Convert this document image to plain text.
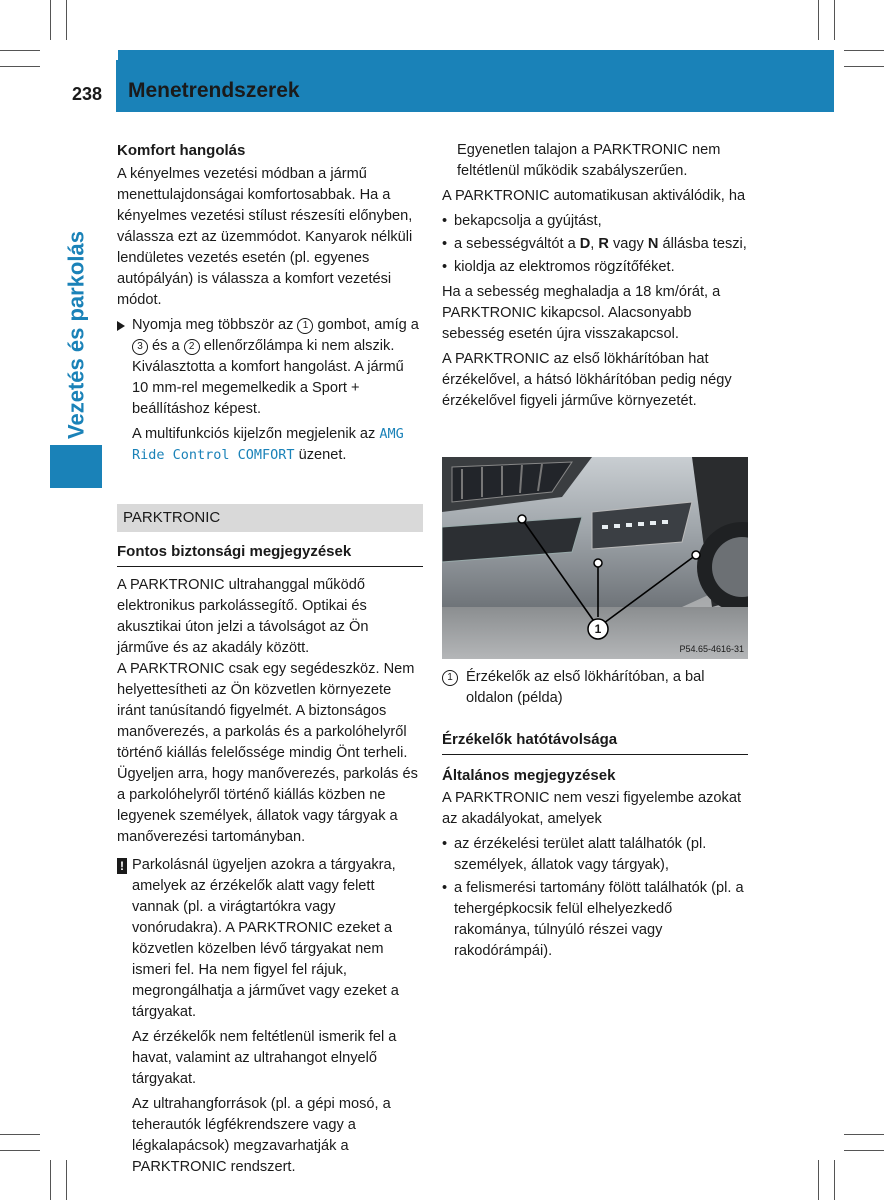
238 Menetrendszerek
Vezetés és parkolás

Komfort hangolás

A kényelmes vezetési módban a jármű menettulajdonságai komfortosabbak. Ha a kényelmes vezetési stílust részesíti előnyben, válassza ezt az üzemmódot. Kanyarok nélküli lendületes vezetés esetén (pl. egyenes autópályán) is válassza a komfort vezetési módot.

Nyomja meg többször az 1 gombot, amíg a 3 és a 2 ellenőrzőlámpa ki nem alszik.

Kiválasztotta a komfort hangolást. A jármű 10 mm-rel megemelkedik a Sport + beállításhoz képest.

A multifunkciós kijelzőn megjelenik az AMG Ride Control COMFORT üzenet.

PARKTRONIC

Fontos biztonsági megjegyzések

A PARKTRONIC ultrahanggal működő elektronikus parkolássegítő. Optikai és akusztikai úton jelzi a távolságot az Ön járműve és az akadály között.

A PARKTRONIC csak egy segédeszköz. Nem helyettesítheti az Ön közvetlen környezete iránt tanúsítandó figyelmét. A biztonságos manőverezés, a parkolás és a parkolóhelyről történő kiállás felelőssége mindig Önt terheli. Ügyeljen arra, hogy manőverezés, parkolás és a parkolóhelyről történő kiállás közben ne legyenek személyek, állatok vagy tárgyak a manőverezési tartományban.

! Parkolásnál ügyeljen azokra a tárgyakra, amelyek az érzékelők alatt vagy felett vannak (pl. a virágtartókra vagy vonórudakra). A PARKTRONIC ezeket a közvetlen közelben lévő tárgyakat nem ismeri fel. Ha nem figyel fel rájuk, megrongálhatja a járművet vagy ezeket a tárgyakat.

Az érzékelők nem feltétlenül ismerik fel a havat, valamint az ultrahangot elnyelő tárgyakat.

Az ultrahangforrások (pl. a gépi mosó, a teherautók légfékrendszere vagy a légkalapácsok) megzavarhatják a PARKTRONIC rendszert.

Egyenetlen talajon a PARKTRONIC nem feltétlenül működik szabályszerűen.

A PARKTRONIC automatikusan aktiválódik, ha

• bekapcsolja a gyújtást,

• a sebességváltót a D, R vagy N állásba teszi,

• kioldja az elektromos rögzítőféket.

Ha a sebesség meghaladja a 18 km/órát, a PARKTRONIC kikapcsol. Alacsonyabb sebesség esetén újra visszakapcsol.

A PARKTRONIC az első lökhárítóban hat érzékelővel, a hátsó lökhárítóban pedig négy érzékelővel figyeli járműve környezetét.

1
P54.65-4616-31

1 Érzékelők az első lökhárítóban, a bal oldalon (példa)

Érzékelők hatótávolsága

Általános megjegyzések

A PARKTRONIC nem veszi figyelembe azokat az akadályokat, amelyek

• az érzékelési terület alatt találhatók (pl. személyek, állatok vagy tárgyak),

• a felismerési tartomány fölött találhatók (pl. a tehergépkocsik felül elhelyezkedő rakománya, túlnyúló részei vagy rakodórámpái).
